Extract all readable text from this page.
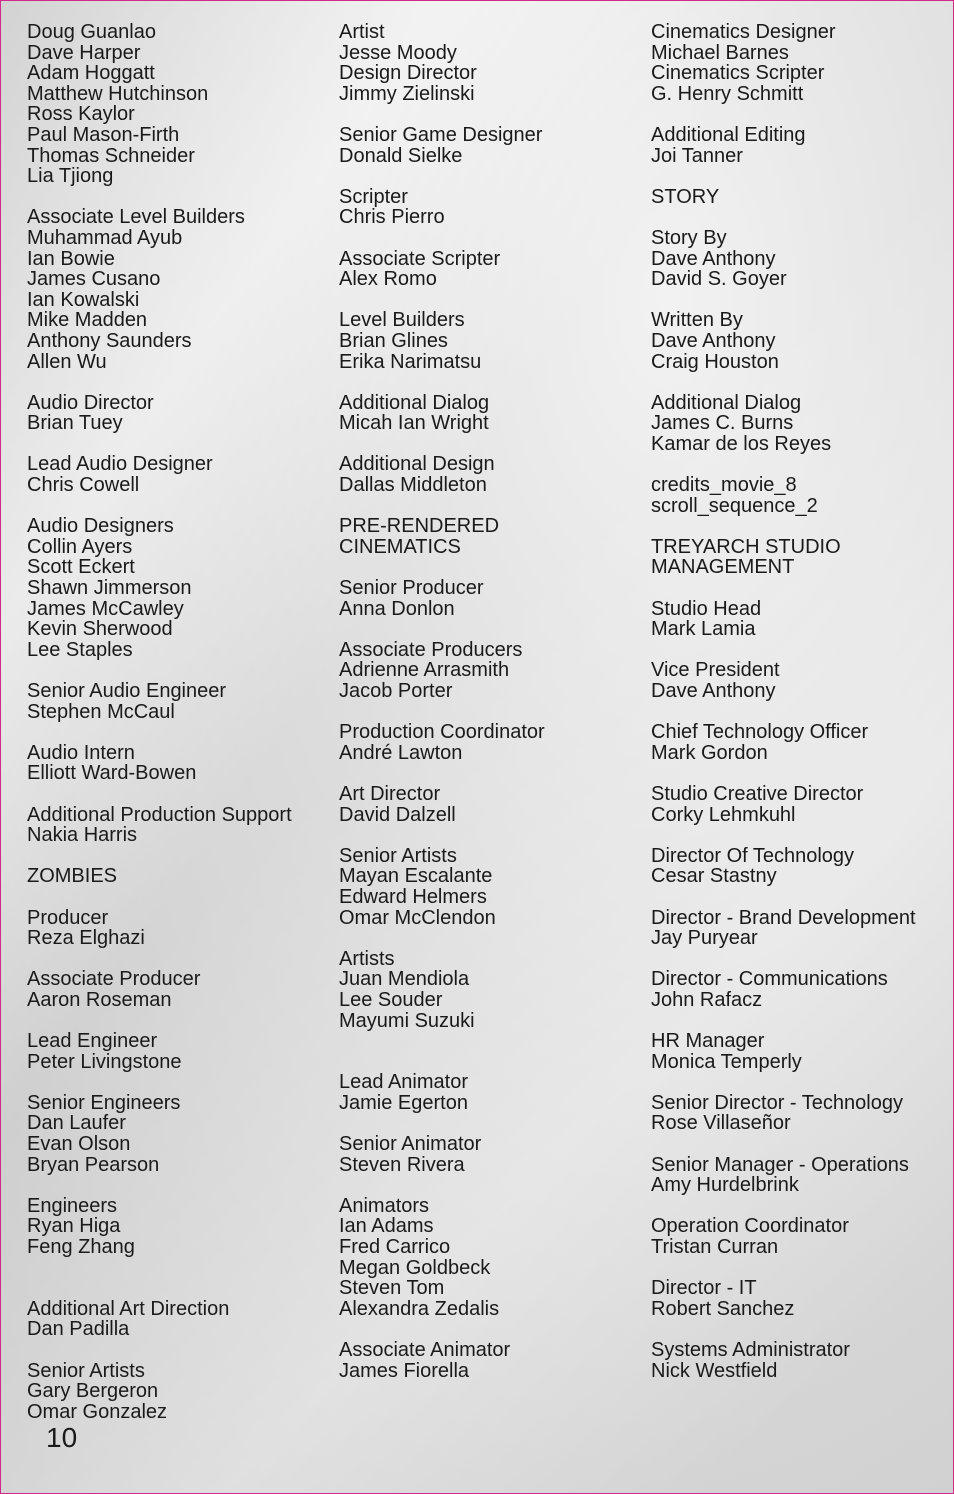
Doug Guanlao
Dave Harper
Adam Hoggatt
Matthew Hutchinson
Ross Kaylor
Paul Mason-Firth
Thomas Schneider
Lia Tjiong
Associate Level Builders
Muhammad Ayub
Ian Bowie
James Cusano
Ian Kowalski
Mike Madden
Anthony Saunders
Allen Wu
Audio Director
Brian Tuey
Lead Audio Designer
Chris Cowell
Audio Designers
Collin Ayers
Scott Eckert
Shawn Jimmerson
James McCawley
Kevin Sherwood
Lee Staples
Senior Audio Engineer
Stephen McCaul
Audio Intern
Elliott Ward-Bowen
Additional Production Support
Nakia Harris
ZOMBIES
Producer
Reza Elghazi
Associate Producer
Aaron Roseman
Lead Engineer
Peter Livingstone
Senior Engineers
Dan Laufer
Evan Olson
Bryan Pearson
Engineers
Ryan Higa
Feng Zhang
Additional Art Direction
Dan Padilla
Senior Artists
Gary Bergeron
Omar Gonzalez
Artist
Jesse Moody
Design Director
Jimmy Zielinski
Senior Game Designer
Donald Sielke
Scripter
Chris Pierro
Associate Scripter
Alex Romo
Level Builders
Brian Glines
Erika Narimatsu
Additional Dialog
Micah Ian Wright
Additional Design
Dallas Middleton
PRE-RENDERED
CINEMATICS
Senior Producer
Anna Donlon
Associate Producers
Adrienne Arrasmith
Jacob Porter
Production Coordinator
André Lawton
Art Director
David Dalzell
Senior Artists
Mayan Escalante
Edward Helmers
Omar McClendon
Artists
Juan Mendiola
Lee Souder
Mayumi Suzuki
Lead Animator
Jamie Egerton
Senior Animator
Steven Rivera
Animators
Ian Adams
Fred Carrico
Megan Goldbeck
Steven Tom
Alexandra Zedalis
Associate Animator
James Fiorella
Cinematics Designer
Michael Barnes
Cinematics Scripter
G. Henry Schmitt
Additional Editing
Joi Tanner
STORY
Story By
Dave Anthony
David S. Goyer
Written By
Dave Anthony
Craig Houston
Additional Dialog
James C. Burns
Kamar de los Reyes
credits_movie_8
scroll_sequence_2
TREYARCH STUDIO
MANAGEMENT
Studio Head
Mark Lamia
Vice President
Dave Anthony
Chief Technology Officer
Mark Gordon
Studio Creative Director
Corky Lehmkuhl
Director Of Technology
Cesar Stastny
Director - Brand Development
Jay Puryear
Director - Communications
John Rafacz
HR Manager
Monica Temperly
Senior Director - Technology
Rose Villaseñor
Senior Manager - Operations
Amy Hurdelbrink
Operation Coordinator
Tristan Curran
Director - IT
Robert Sanchez
Systems Administrator
Nick Westfield
10
